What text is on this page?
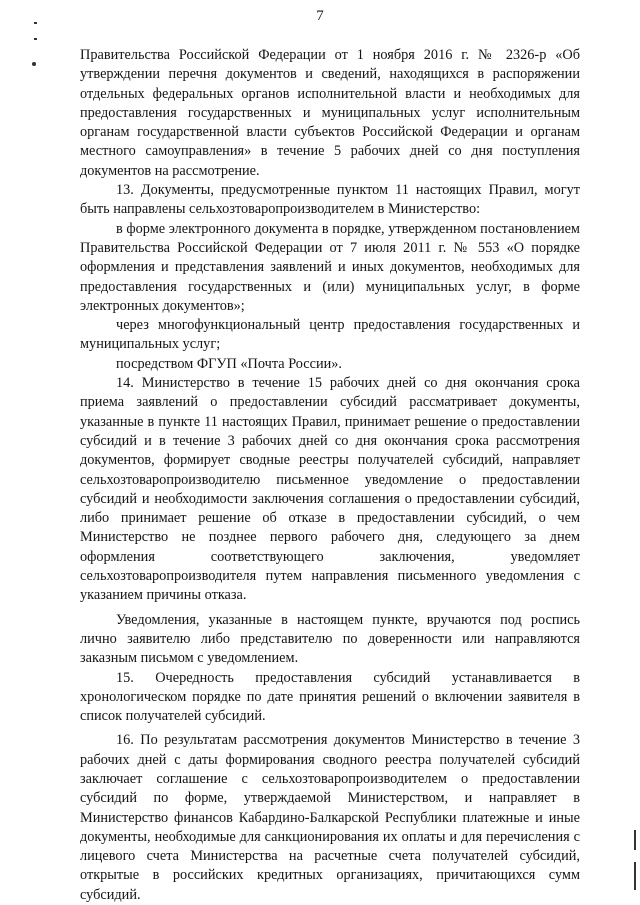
7

Правительства Российской Федерации от 1 ноября 2016 г. № 2326-р «Об утверждении перечня документов и сведений, находящихся в распоряжении отдельных федеральных органов исполнительной власти и необходимых для предоставления государственных и муниципальных услуг исполнительным органам государственной власти субъектов Российской Федерации и органам местного самоуправления» в течение 5 рабочих дней со дня поступления документов на рассмотрение.

13. Документы, предусмотренные пунктом 11 настоящих Правил, могут быть направлены сельхозтоваропроизводителем в Министерство:

в форме электронного документа в порядке, утвержденном постановлением Правительства Российской Федерации от 7 июля 2011 г. № 553 «О порядке оформления и представления заявлений и иных документов, необходимых для предоставления государственных и (или) муниципальных услуг, в форме электронных документов»;

через многофункциональный центр предоставления государственных и муниципальных услуг;

посредством ФГУП «Почта России».

14. Министерство в течение 15 рабочих дней со дня окончания срока приема заявлений о предоставлении субсидий рассматривает документы, указанные в пункте 11 настоящих Правил, принимает решение о предоставлении субсидий и в течение 3 рабочих дней со дня окончания срока рассмотрения документов, формирует сводные реестры получателей субсидий, направляет сельхозтоваропроизводителю письменное уведомление о предоставлении субсидий и необходимости заключения соглашения о предоставлении субсидий, либо принимает решение об отказе в предоставлении субсидий, о чем Министерство не позднее первого рабочего дня, следующего за днем оформления соответствующего заключения, уведомляет сельхозтоваропроизводителя путем направления письменного уведомления с указанием причины отказа.

Уведомления, указанные в настоящем пункте, вручаются под роспись лично заявителю либо представителю по доверенности или направляются заказным письмом с уведомлением.

15. Очередность предоставления субсидий устанавливается в хронологическом порядке по дате принятия решений о включении заявителя в список получателей субсидий.

16. По результатам рассмотрения документов Министерство в течение 3 рабочих дней с даты формирования сводного реестра получателей субсидий заключает соглашение с сельхозтоваропроизводителем о предоставлении субсидий по форме, утверждаемой Министерством, и направляет в Министерство финансов Кабардино-Балкарской Республики платежные и иные документы, необходимые для санкционирования их оплаты и для перечисления с лицевого счета Министерства на расчетные счета получателей субсидий, открытые в российских кредитных организациях, причитающихся сумм субсидий.
